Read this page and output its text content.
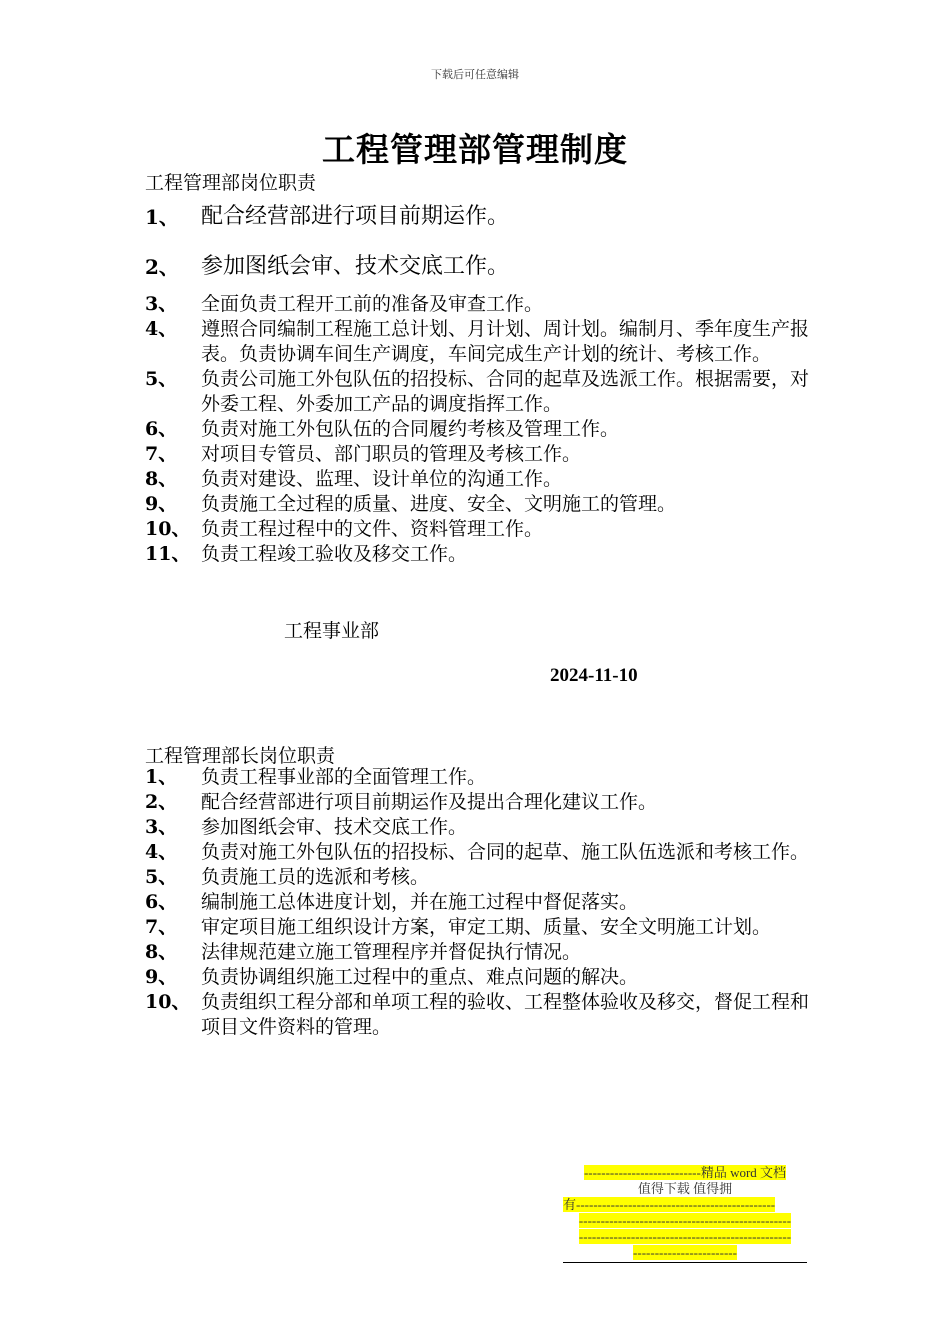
下载后可任意编辑
工程管理部管理制度
工程管理部岗位职责
1、	配合经营部进行项目前期运作。
2、	参加图纸会审、技术交底工作。
3、	全面负责工程开工前的准备及审查工作。
4、	遵照合同编制工程施工总计划、月计划、周计划。编制月、季年度生产报表。负责协调车间生产调度，车间完成生产计划的统计、考核工作。
5、	负责公司施工外包队伍的招投标、合同的起草及选派工作。根据需要，对外委工程、外委加工产品的调度指挥工作。
6、	负责对施工外包队伍的合同履约考核及管理工作。
7、	对项目专管员、部门职员的管理及考核工作。
8、	负责对建设、监理、设计单位的沟通工作。
9、	负责施工全过程的质量、进度、安全、文明施工的管理。
10、 负责工程过程中的文件、资料管理工作。
11、 负责工程竣工验收及移交工作。
工程事业部
2024-11-10
工程管理部长岗位职责
1、	负责工程事业部的全面管理工作。
2、	配合经营部进行项目前期运作及提出合理化建议工作。
3、	参加图纸会审、技术交底工作。
4、	负责对施工外包队伍的招投标、合同的起草、施工队伍选派和考核工作。
5、	负责施工员的选派和考核。
6、	编制施工总体进度计划，并在施工过程中督促落实。
7、	审定项目施工组织设计方案，审定工期、质量、安全文明施工计划。
8、	法律规范建立施工管理程序并督促执行情况。
9、	负责协调组织施工过程中的重点、难点问题的解决。
10、 负责组织工程分部和单项工程的验收、工程整体验收及移交，督促工程和项目文件资料的管理。
---------------------------精品 word 文档
值得下载 值得拥
有----------------------------------------------
-------------------------------------------------
-------------------------------------------------
------------------------
